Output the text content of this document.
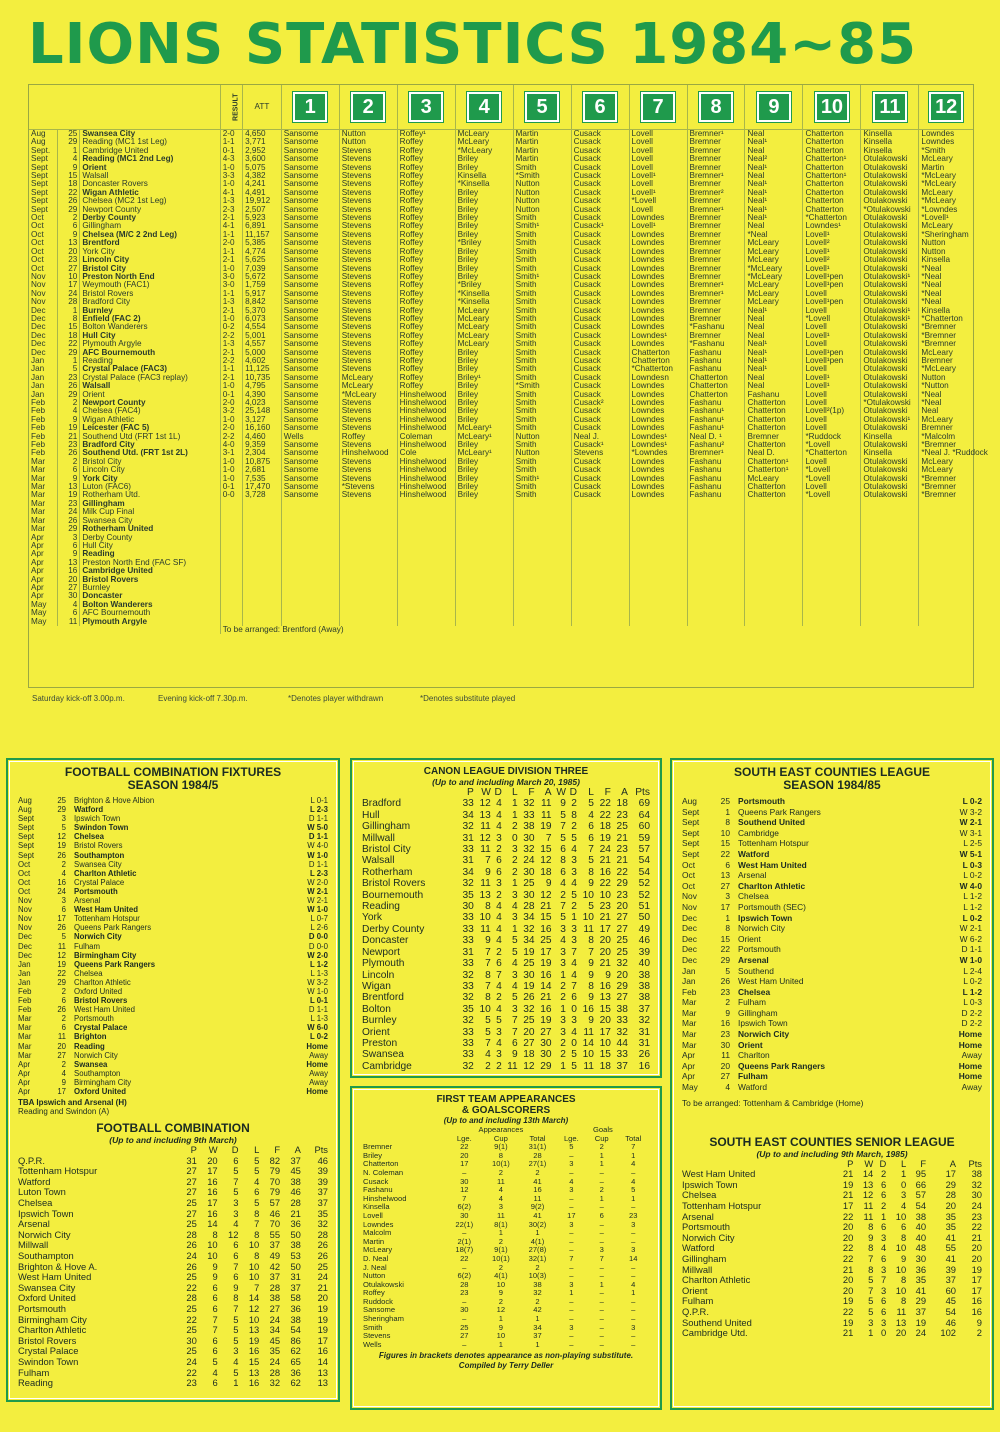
LIONS STATISTICS 1984~85
			RESULT	ATT	1	2	3	4	5	6	7	8	9	10	11	12
Aug	25	Swansea City	2-0	4,650	Sansome	Nutton	Roffey¹	McLeary	Martin	Cusack	Lovell	Bremner¹	Neal	Chatterton	Kinsella	Lowndes
Aug	29	Reading (MC1 1st Leg)	1-1	3,771	Sansome	Nutton	Roffey	McLeary	Martin	Cusack	Lovell	Bremner	Neal¹	Chatterton	Kinsella	Lowndes
Sept.	1	Cambridge United	0-1	2,952	Sansome	Stevens	Roffey	*McLeary	Martin	Cusack	Lovell	Bremner	Neal	Chatterton	Kinsella	*Smith
Sept	4	Reading (MC1 2nd Leg)	4-3	3,600	Sansome	Stevens	Roffey	Briley	Martin	Cusack	Lovell	Bremner	Neal²	Chatterton¹	Otulakowski	McLeary
Sept	9	Orient	1-0	5,075	Sansome	Stevens	Roffey	Briley	Smith	Cusack	Lovell	Bremner	Neal¹	Chatterton	Otulakowski	Martin
Sept	15	Walsall	3-3	4,382	Sansome	Stevens	Roffey	Kinsella	*Smith	Cusack	Lovell¹	Bremner¹	Neal	Chatterton¹	Otulakowski	*McLeary
Sept	18	Doncaster Rovers	1-0	4,241	Sansome	Stevens	Roffey	*Kinsella	Nutton	Cusack	Lovell	Bremner	Neal¹	Chatterton	Otulakowski	*McLeary
Sept	22	Wigan Athletic	4-1	4,491	Sansome	Stevens	Roffey	Briley	Nutton	Cusack	Lovell¹	Bremner²	Neal¹	Chatterton	Otulakowski	McLeary
Sept	26	Chelsea (MC2 1st Leg)	1-3	19,912	Sansome	Stevens	Roffey	Briley	Nutton	Cusack	*Lovell	Bremner	Neal¹	Chatterton	Otulakowski	*McLeary
Sept	29	Newport County	2-3	2,507	Sansome	Stevens	Roffey	Briley	Nutton	Cusack	Lovell	Bremner¹	Neal¹	Chatterton	*Otulakowski	*Lowndes
Oct	2	Derby County	2-1	5,923	Sansome	Stevens	Roffey	Briley	Smith	Cusack	Lowndes	Bremner	Neal¹	*Chatterton	Otulakowski	*Lovell¹
Oct	6	Gillingham	4-1	6,891	Sansome	Stevens	Roffey	Briley	Smith¹	Cusack¹	Lovell¹	Bremner	Neal	Lowndes¹	Otulakowski	McLeary
Oct	9	Chelsea (M/C 2 2nd Leg)	1-1	11,157	Sansome	Stevens	Roffey	Briley	Smith	Cusack	Lowndes	Bremner	*Neal	Lovell¹	Otulakowski	*Sheringham
Oct	13	Brentford	2-0	5,385	Sansome	Stevens	Roffey	*Briley	Smith	Cusack	Lowndes	Bremner	McLeary	Lovell²	Otulakowski	Nutton
Oct	20	York City	1-1	4,774	Sansome	Stevens	Roffey	Briley	Smith	Cusack	Lowndes	Bremner	McLeary	Lovell¹	Otulakowski	Nutton
Oct	23	Lincoln City	2-1	5,625	Sansome	Stevens	Roffey	Briley	Smith	Cusack	Lowndes	Bremner	McLeary	Lovell²	Otulakowski	Kinsella
Oct	27	Bristol City	1-0	7,039	Sansome	Stevens	Roffey	Briley	Smith	Cusack	Lowndes	Bremner	*McLeary	Lovell¹	Otulakowski	*Neal
Nov	10	Preston North End	3-0	5,672	Sansome	Stevens	Roffey	Briley	Smith¹	Cusack	Lowndes	Bremner	*McLeary	Lovell¹pen	Otulakowski¹	*Neal
Nov	17	Weymouth (FAC1)	3-0	1,759	Sansome	Stevens	Roffey	*Briley	Smith	Cusack	Lowndes	Bremner¹	McLeary	Lovell¹pen	Otulakowski	*Neal
Nov	24	Bristol Rovers	1-1	5,917	Sansome	Stevens	Roffey	*Kinsella	Smith	Cusack	Lowndes	Bremner¹	McLeary	Lovell	Otulakowski	*Neal
Nov	28	Bradford City	1-3	8,842	Sansome	Stevens	Roffey	*Kinsella	Smith	Cusack	Lowndes	Bremner	McLeary	Lovell¹pen	Otulakowski	*Neal
Dec	1	Burnley	2-1	5,370	Sansome	Stevens	Roffey	McLeary	Smith	Cusack	Lowndes	Bremner	Neal¹	Lovell	Otulakowski¹	Kinsella
Dec	8	Enfield (FAC 2)	1-0	6,073	Sansome	Stevens	Roffey	McLeary	Smith	Cusack	Lowndes	Bremner	Neal	*Lovell	Otulakowski¹	*Chatterton
Dec	15	Bolton Wanderers	0-2	4,554	Sansome	Stevens	Roffey	McLeary	Smith	Cusack	Lowndes	*Fashanu	Neal	Lovell	Otulakowski	*Bremner
Dec	18	Hull City	2-2	5,001	Sansome	Stevens	Roffey	McLeary	Smith	Cusack	Lowndes¹	Bremner	Neal	Lovell¹	Otulakowski	*Bremner
Dec	22	Plymouth Argyle	1-3	4,557	Sansome	Stevens	Roffey	McLeary	Smith	Cusack	Lowndes	*Fashanu	Neal¹	Lovell	Otulakowski	*Bremner
Dec	29	AFC Bournemouth	2-1	5,000	Sansome	Stevens	Roffey	Briley	Smith	Cusack	Chatterton	Fashanu	Neal¹	Lovell¹pen	Otulakowski	McLeary
Jan	1	Reading	2-2	4,602	Sansome	Stevens	Roffey	Briley	Smith	Cusack	Chatterton	Fashanu	Neal¹	Lovell¹pen	Otulakowski	Bremner
Jan	5	Crystal Palace (FAC3)	1-1	11,125	Sansome	Stevens	Roffey	Briley	Smith	Cusack	*Chatterton	Fashanu	Neal¹	Lovell	Otulakowski	*McLeary
Jan	23	Crystal Palace (FAC3 replay)	2-1	10,735	Sansome	McLeary	Roffey	Briley¹	Smith	Cusack	Lowndesn	Chatterton	Neal	Lovell¹	Otulakowski	Nutton
Jan	26	Walsall	1-0	4,795	Sansome	McLeary	Roffey	Briley	*Smith	Cusack	Lowndes	Chatterton	Neal	Lovell¹	Otulakowski	*Nutton
Jan	29	Orient	0-1	4,390	Sansome	*McLeary	Hinshelwood	Briley	Smith	Cusack	Lowndes	Chatterton	Fashanu	Lovell	Otulakowski	*Neal
Feb	2	Newport County	2-0	4,023	Sansome	Stevens	Hinshelwood	Briley	Smith	Cusack²	Lowndes	Fashanu	Chatterton	Lovell	*Otulakowski	*Neal
Feb	4	Chelsea (FAC4)	3-2	25,148	Sansome	Stevens	Hinshelwood	Briley	Smith	Cusack	Lowndes	Fashanu¹	Chatterton	Lovell²(1p)	Otulakowski	Neal
Feb	9	Wigan Athletic	1-0	3,127	Sansome	Stevens	Hinshelwood	Briley	Smith	Cusack	Lowndes	Fashanu¹	Chatterton	Lovell	Otulakowski¹	McLeary
Feb	19	Leicester (FAC 5)	2-0	16,160	Sansome	Stevens	Hinshelwood	McLeary¹	Smith	Cusack	Lowndes	Fashanu¹	Chatterton	Lovell	Otulakowski	Bremner
Feb	21	Southend Utd (FRT 1st 1L)	2-2	4,460	Wells	Roffey	Coleman	McLeary¹	Nutton	Neal J.	Lowndes¹	Neal D. ¹	Bremner	*Ruddock	Kinsella	*Malcolm
Feb	23	Bradford City	4-0	9,359	Sansome	Stevens	Hinshelwood	Briley	Smith	Cusack¹	Lowndes¹	Fashanu²	Chatterton	*Lovell	Otulakowski	*Bremner
Feb	26	Southend Utd. (FRT 1st 2L)	3-1	2,304	Sansome	Hinshelwood	Cole	McLeary¹	Nutton	Stevens	*Lowndes	Bremner¹	Neal D.	*Chatterton	Kinsella	*Neal J. *Ruddock
Mar	2	Bristol City	1-0	10,875	Sansome	Stevens	Hinshelwood	Briley	Smith	Cusack	Lowndes	Fashanu	Chatterton¹	Lovell	Otulakowski	McLeary
Mar	6	Lincoln City	1-0	2,681	Sansome	Stevens	Hinshelwood	Briley	Smith	Cusack	Lowndes	Fashanu	Chatterton¹	*Lovell	Otulakowski	McLeary
Mar	9	York City	1-0	7,535	Sansome	Stevens	Hinshelwood	Briley	Smith¹	Cusack	Lowndes	Fashanu	McLeary	*Lovell	Otulakowski	*Bremner
Mar	13	Luton (FAC6)	0-1	17,470	Sansome	*Stevens	Hinshelwood	Briley	Smith	Cusack	Lowndes	Fashanu	Chatterton	Lovell	Otulakowski	*Bremner
Mar	19	Rotherham Utd.	0-0	3,728	Sansome	Stevens	Hinshelwood	Briley	Smith	Cusack	Lowndes	Fashanu	Chatterton	*Lovell	Otulakowski	*Bremner
Mar	23	Gillingham														
Mar	24	Milk Cup Final														
Mar	26	Swansea City														
Mar	29	Rotherham United														
Apr	3	Derby County														
Apr	6	Hull City														
Apr	9	Reading														
Apr	13	Preston North End (FAC SF)														
Apr	16	Cambridge United														
Apr	20	Bristol Rovers														
Apr	27	Burnley														
Apr	30	Doncaster														
May	4	Bolton Wanderers														
May	6	AFC Bournemouth														
May	11	Plymouth Argyle														
			To be arranged: Brentford (Away)													
Saturday kick-off 3.00p.m.	Evening kick-off 7.30p.m.	*Denotes player withdrawn	*Denotes substitute played
FOOTBALL COMBINATION FIXTURES
SEASON 1984/5
Aug	25	Brighton & Hove Albion	L 0-1
Aug	29	Watford	L 2-3
Sept	3	Ipswich Town	D 1-1
Sept	5	Swindon Town	W 5-0
Sept	12	Chelsea	D 1-1
Sept	19	Bristol Rovers	W 4-0
Sept	26	Southampton	W 1-0
Oct	2	Swansea City	D 1-1
Oct	4	Charlton Athletic	L 2-3
Oct	16	Crystal Palace	W 2-0
Oct	24	Portsmouth	W 2-1
Nov	3	Arsenal	W 2-1
Nov	6	West Ham United	W 1-0
Nov	17	Tottenham Hotspur	L 0-7
Nov	26	Queens Park Rangers	L 2-6
Dec	5	Norwich City	D 0-0
Dec	11	Fulham	D 0-0
Dec	12	Birmingham City	W 2-0
Jan	19	Queens Park Rangers	L 1-2
Jan	22	Chelsea	L 1-3
Jan	29	Charlton Athletic	W 3-2
Feb	2	Oxford United	W 1-0
Feb	6	Bristol Rovers	L 0-1
Feb	26	West Ham United	D 1-1
Mar	2	Portsmouth	L 1-3
Mar	6	Crystal Palace	W 6-0
Mar	11	Brighton	L 0-2
Mar	20	Reading	Home
Mar	27	Norwich City	Away
Apr	2	Swansea	Home
Apr	4	Southampton	Away
Apr	9	Birmingham City	Away
Apr	17	Oxford United	Home
TBA Ipswich and Arsenal (H)
Reading and Swindon (A)
FOOTBALL COMBINATION
(Up to and including 9th March)
	P	W	D	L	F	A	Pts
Q.P.R.	31	20	6	5	82	37	46
Tottenham Hotspur	27	17	5	5	79	45	39
Watford	27	16	7	4	70	38	39
Luton Town	27	16	5	6	79	46	37
Chelsea	25	17	3	5	57	28	37
Ipswich Town	27	16	3	8	46	21	35
Arsenal	25	14	4	7	70	36	32
Norwich City	28	8	12	8	55	50	28
Millwall	26	10	6	10	37	38	26
Southampton	24	10	6	8	49	53	26
Brighton & Hove A.	26	9	7	10	42	50	25
West Ham United	25	9	6	10	37	31	24
Swansea City	22	6	9	7	28	37	21
Oxford United	28	6	8	14	38	58	20
Portsmouth	25	6	7	12	27	36	19
Birmingham City	22	7	5	10	24	38	19
Charlton Athletic	25	7	5	13	34	54	19
Bristol Rovers	30	6	5	19	45	86	17
Crystal Palace	25	6	3	16	35	62	16
Swindon Town	24	5	4	15	24	65	14
Fulham	22	4	5	13	28	36	13
Reading	23	6	1	16	32	62	13
CANON LEAGUE DIVISION THREE
(Up to and including March 20, 1985)
	P	W	D	L	F	A	W	D	L	F	A	Pts
Bradford	33	12	4	1	32	11	9	2	5	22	18	69
Hull	34	13	4	1	33	11	5	8	4	22	23	64
Gillingham	32	11	4	2	38	19	7	2	6	18	25	60
Millwall	31	12	3	0	30	7	5	5	6	19	21	59
Bristol City	33	11	2	3	32	15	6	4	7	24	23	57
Walsall	31	7	6	2	24	12	8	3	5	21	21	54
Rotherham	34	9	6	2	30	18	6	3	8	16	22	54
Bristol Rovers	32	11	3	1	25	9	4	4	9	22	29	52
Bournemouth	35	13	2	3	30	12	2	5	10	10	23	52
Reading	30	8	4	4	28	21	7	2	5	23	20	51
York	33	10	4	3	34	15	5	1	10	21	27	50
Derby County	33	11	4	1	32	16	3	3	11	17	27	49
Doncaster	33	9	4	5	34	25	4	3	8	20	25	46
Newport	31	7	2	5	19	17	3	7	7	20	25	39
Plymouth	33	7	6	4	25	19	3	4	9	21	32	40
Lincoln	32	8	7	3	30	16	1	4	9	9	20	38
Wigan	33	7	4	4	19	14	2	7	8	16	29	38
Brentford	32	8	2	5	26	21	2	6	9	13	27	38
Bolton	35	10	4	3	32	16	1	0	16	15	38	37
Burnley	32	5	5	7	25	19	3	3	9	20	33	32
Orient	33	5	3	7	20	27	3	4	11	17	32	31
Preston	33	7	4	6	27	30	2	0	14	10	44	31
Swansea	33	4	3	9	18	30	2	5	10	15	33	26
Cambridge	32	2	2	11	12	29	1	5	11	18	37	16
FIRST TEAM APPEARANCES
& GOALSCORERS
(Up to and including 13th March)
	Appearances			Goals		
	Lge.	Cup	Total	Lge.	Cup	Total
Bremner	22	9(1)	31(1)	5	2	7
Briley	20	8	28	–	1	1
Chatterton	17	10(1)	27(1)	3	1	4
N. Coleman	–	2	2	–	–	–
Cusack	30	11	41	4	–	4
Fashanu	12	4	16	3	2	5
Hinshelwood	7	4	11	–	1	1
Kinsella	6(2)	3	9(2)	–	–	–
Lovell	30	11	41	17	6	23
Lowndes	22(1)	8(1)	30(2)	3	–	3
Malcolm	–	1	1	–	–	–
Martin	2(1)	2	4(1)	–	–	–
McLeary	18(7)	9(1)	27(8)	–	3	3
D. Neal	22	10(1)	32(1)	7	7	14
J. Neal	–	2	2	–	–	–
Nutton	6(2)	4(1)	10(3)	–	–	–
Otulakowski	28	10	38	3	1	4
Roffey	23	9	32	1	–	1
Ruddock	–	2	2	–	–	–
Sansome	30	12	42	–	–	–
Sheringham	–	1	1	–	–	–
Smith	25	9	34	3	–	3
Stevens	27	10	37	–	–	–
Wells	–	1	1	–	–	–
Figures in brackets denotes appearance as non-playing substitute. Compiled by Terry Deller
SOUTH EAST COUNTIES LEAGUE
SEASON 1984/85
Aug	25	Portsmouth	L 0-2
Sept	1	Queens Park Rangers	W 3-2
Sept	8	Southend United	W 2-1
Sept	10	Cambridge	W 3-1
Sept	15	Tottenham Hotspur	L 2-5
Sept	22	Watford	W 5-1
Oct	6	West Ham United	L 0-3
Oct	13	Arsenal	L 0-2
Oct	27	Charlton Athletic	W 4-0
Nov	3	Chelsea	L 1-2
Nov	17	Portsmouth (SEC)	L 1-2
Dec	1	Ipswich Town	L 0-2
Dec	8	Norwich City	W 2-1
Dec	15	Orient	W 6-2
Dec	22	Portsmouth	D 1-1
Dec	29	Arsenal	W 1-0
Jan	5	Southend	L 2-4
Jan	26	West Ham United	L 0-2
Feb	23	Chelsea	L 1-2
Mar	2	Fulham	L 0-3
Mar	9	Gillingham	D 2-2
Mar	16	Ipswich Town	D 2-2
Mar	23	Norwich City	Home
Mar	30	Orient	Home
Apr	11	Charlton	Away
Apr	20	Queens Park Rangers	Home
Apr	27	Fulham	Home
May	4	Watford	Away
To be arranged: Tottenham & Cambridge (Home)
SOUTH EAST COUNTIES SENIOR LEAGUE
(Up to and including 9th March, 1985)
	P	W	D	L	F	A	Pts
West Ham United	21	14	2	1	95	17	38
Ipswich Town	19	13	6	0	66	29	32
Chelsea	21	12	6	3	57	28	30
Tottenham Hotspur	17	11	2	4	54	20	24
Arsenal	22	11	1	10	38	35	23
Portsmouth	20	8	6	6	40	35	22
Norwich City	20	9	3	8	40	41	21
Watford	22	8	4	10	48	55	20
Gillingham	22	7	6	9	30	41	20
Millwall	21	8	3	10	36	39	19
Charlton Athletic	20	5	7	8	35	37	17
Orient	20	7	3	10	41	60	17
Fulham	19	5	6	8	29	45	16
Q.P.R.	22	5	6	11	37	54	16
Southend United	19	3	3	13	19	46	9
Cambridge Utd.	21	1	0	20	24	102	2
